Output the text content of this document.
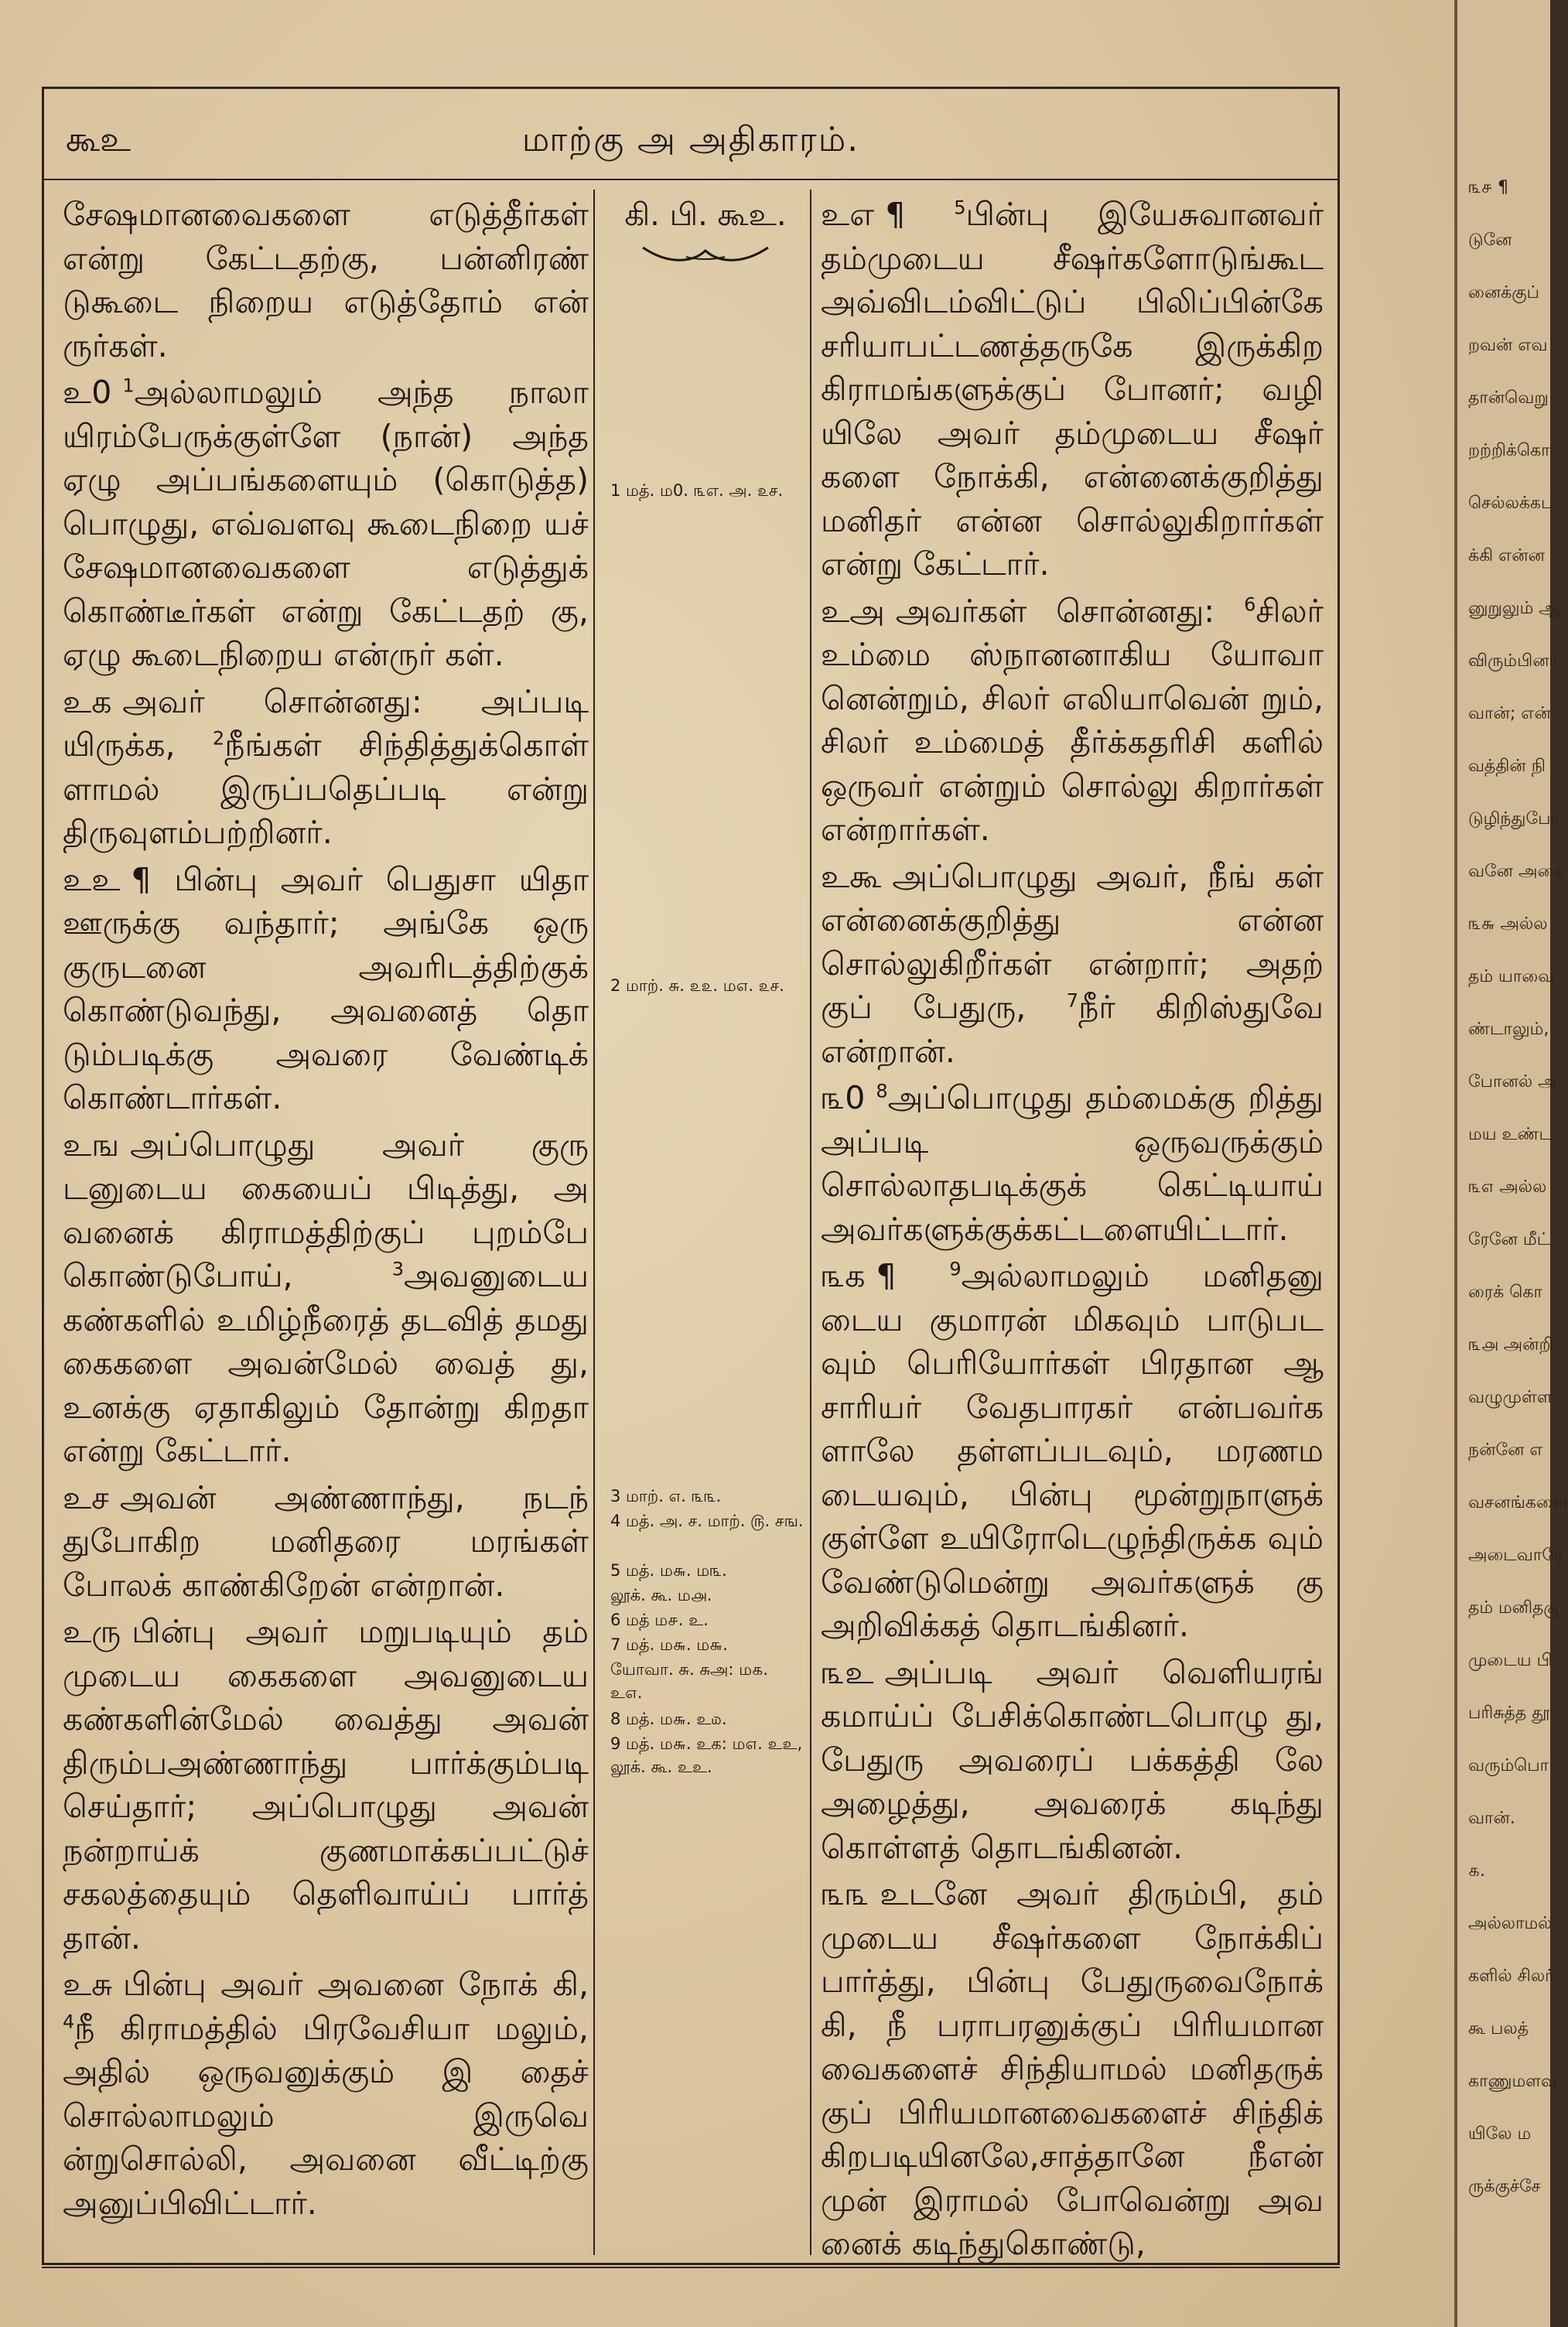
கூஉ	மாற்கு அ அதிகாரம்.

சேஷமானவைகளை எடுத்தீர்கள் என்று கேட்டதற்கு, பன்னிரண் டுகூடை நிறைய எடுத்தோம் என் ருர்கள்.

உ0 $^1$அல்லாமலும் அந்த நாலா யிரம்பேருக்குள்ளே (நான்) அந்த ஏழு அப்பங்களையும் (கொடுத்த) பொழுது, எவ்வளவு கூடைநிறை யச் சேஷமானவைகளை எடுத்துக் கொண்டீர்கள் என்று கேட்டதற் கு, ஏழு கூடைநிறைய என்ருர் கள்.

உக அவர் சொன்னது: அப்படி யிருக்க, $^2$நீங்கள் சிந்தித்துக்கொள் ளாமல் இருப்பதெப்படி என்று திருவுளம்பற்றினர்.

உஉ ¶ பின்பு அவர் பெதுசா யிதா ஊருக்கு வந்தார்; அங்கே ஒரு குருடனை அவரிடத்திற்குக் கொண்டுவந்து, அவனைத் தொ டும்படிக்கு அவரை வேண்டிக் கொண்டார்கள்.

உங அப்பொழுது அவர் குரு டனுடைய கையைப் பிடித்து, அ வனைக் கிராமத்திற்குப் புறம்பே கொண்டுபோய்,	$^3$அவனுடைய கண்களில் உமிழ்நீரைத் தடவித் தமது கைகளை அவன்மேல் வைத் து, உனக்கு ஏதாகிலும் தோன்று கிறதா என்று கேட்டார்.

உச அவன் அண்ணாந்து, நடந் துபோகிற மனிதரை மரங்கள் போலக் காண்கிறேன் என்றான்.

உரு பின்பு அவர் மறுபடியும் தம் முடைய கைகளை அவனுடைய கண்களின்மேல் வைத்து அவன் திரும்பஅண்ணாந்து பார்க்கும்படி செய்தார்; அப்பொழுது அவன் நன்றாய்க் குணமாக்கப்பட்டுச் சகலத்தையும் தெளிவாய்ப் பார்த் தான்.

உசு பின்பு அவர் அவனை நோக் கி, $^4$நீ கிராமத்தில் பிரவேசியா மலும், அதில் ஒருவனுக்கும் இ தைச் சொல்லாமலும் இருவெ ன்றுசொல்லி, அவனை வீட்டிற்கு அனுப்பிவிட்டார்.

கி. பி. கூஉ.
1 மத். ம0. ௩எ. அ. ௨ச.
2 மாற். சு. ௨௨. ம௭. ௨ச.
3 மாற். ௭. ௩௩.
4 மத். அ. ச. மாற். ௫. சங.
5 மத். ம௬. ம௩.
லூக். கூ. ம௮.
6 மத் ம௪. உ.
7 மத். ம௬. ம௬.
யோவா. சு. சுஅ: ம௧. உ௭.
8 மத். ம௬. உ௰.
9 மத். ம௬. உக: ம௭. உஉ, லூக். கூ. உஉ.

உஎ ¶	$^5$பின்பு இயேசுவானவர் தம்முடைய சீஷர்களோடுங்கூட அவ்விடம்விட்டுப் பிலிப்பின்கே சரியாபட்டணத்தருகே இருக்கிற கிராமங்களுக்குப் போனர்; வழி யிலே அவர் தம்முடைய சீஷர் களை நோக்கி, என்னைக்குறித்து மனிதர் என்ன சொல்லுகிறார்கள் என்று கேட்டார்.

உஅ அவர்கள் சொன்னது: $^6$சிலர் உம்மை ஸ்நானனாகிய யோவா னென்றும், சிலர் எலியாவென் றும், சிலர் உம்மைத் தீர்க்கதரிசி களில் ஒருவர் என்றும் சொல்லு கிறார்கள் என்றார்கள்.

உகூ அப்பொழுது அவர், நீங் கள் என்னைக்குறித்து என்ன சொல்லுகிறீர்கள் என்றார்; அதற் குப் பேதுரு, $^7$நீர் கிறிஸ்துவே என்றான்.

௩0 $^8$அப்பொழுது தம்மைக்கு றித்து அப்படி ஒருவருக்கும் சொல்லாதபடிக்குக் கெட்டியாய் அவர்களுக்குக்கட்டளையிட்டார்.

௩க ¶	$^9$அல்லாமலும் மனிதனு டைய குமாரன் மிகவும் பாடுபட வும் பெரியோர்கள் பிரதான ஆ சாரியர் வேதபாரகர் என்பவர்க ளாலே தள்ளப்படவும், மரணம டையவும், பின்பு மூன்றுநாளுக் குள்ளே உயிரோடெழுந்திருக்க வும் வேண்டுமென்று அவர்களுக் கு அறிவிக்கத் தொடங்கினர்.

௩உ அப்படி அவர் வெளியரங் கமாய்ப் பேசிக்கொண்டபொழு து, பேதுரு அவரைப் பக்கத்தி லே அழைத்து, அவரைக் கடிந்து கொள்ளத் தொடங்கினன்.

௩௩ உடனே அவர் திரும்பி, தம் முடைய சீஷர்களை நோக்கிப் பார்த்து, பின்பு பேதுருவைநோக் கி, நீ பராபரனுக்குப் பிரியமான வைகளைச் சிந்தியாமல் மனிதருக் குப் பிரியமானவைகளைச் சிந்திக் கிறபடியினலே,சாத்தானே நீஎன் முன் இராமல் போவென்று அவ னைக் கடிந்துகொண்டு,

௩௪ ¶
டுனே
னைக்குப்
றவன் எவ
தான்வெறு
றற்றிக்கொ
செல்லக்கட
க்கி என்ன
னுறுலும் ஆ
விரும்பினா
வான்; என்
வத்தின் நி
டுழிந்துபோ
வனே அதை
௩௬ அல்ல
தம் யாவை
ண்டாலும்,
போனல் அ
மய உண்ட
௩௭ அல்ல
ரேனே மீட்
ரைக் கொ
௩௮ அன்றி
வழுமுள்ள
நன்னே எ
வசனங்களை
அடைவாரே
தம் மனிதகு
முடைய பி
பரிசுத்த தூ
வரும்பொ
வான்.
௧.
அல்லாமல்
களில் சிலர்
கூ பலத்
காணுமளவு
யிலே ம
ருக்குச்சே
